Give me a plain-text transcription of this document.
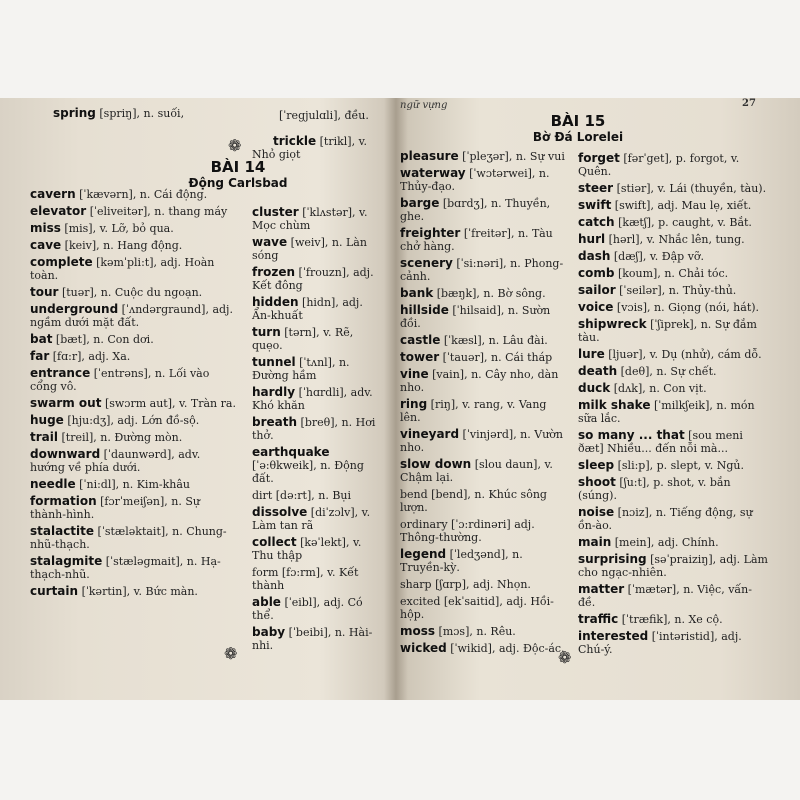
spring [spriŋ], n. suối,
	[ˈregjulɑli], đều.

trickle [trikl], v. Nhỏ giọt

❁
BÀI 14
Động Carlsbad
cavern [ˈkævərn], n. Cái động.
elevator [ˈeliveitər], n. thang máy
miss [mis], v. Lỡ, bỏ qua.
cave [keiv], n. Hang động.
complete [kəmˈpli:t], adj. Hoàn toàn.
tour [tuər], n. Cuộc du ngoạn.
underground [ˈʌndərgraund], adj. ngầm dưới mặt đất.
bat [bæt], n. Con dơi.
far [fɑ:r], adj. Xa.
entrance [ˈentrəns], n. Lối vào cổng vô.
swarm out [swɔrm aut], v. Tràn ra.
huge [hju:dʒ], adj. Lớn đồ-sộ.
trail [treil], n. Đường mòn.
downward [ˈdaunwərd], adv. hướng về phía dưới.
needle [ˈni:dl], n. Kim-khâu
formation [fɔrˈmeiʃən], n. Sự thành-hình.
stalactite [ˈstæləktait], n. Chung-nhũ-thạch.
stalagmite [ˈstæləgmait], n. Hạ-thạch-nhũ.
curtain [ˈkərtin], v. Bức màn.
cluster [ˈklʌstər], v. Mọc chùm
wave [weiv], n. Làn sóng
frozen [ˈfrouzn], adj. Kết đông
hidden [hidn], adj. Ẩn-khuất
turn [tərn], v. Rẽ, quẹo.
tunnel [ˈtʌnl], n. Đường hầm
hardly [ˈhɑrdli], adv. Khó khăn
breath [breθ], n. Hơi thở.
earthquake [ˈə:θkweik], n. Động đất.
dirt [də:rt], n. Bụi
dissolve [diˈzɔlv], v. Làm tan rã
collect [kəˈlekt], v. Thu thập
form [fɔ:rm], v. Kết thành
able [ˈeibl], adj. Có thể.
baby [ˈbeibi], n. Hài-nhi.
❁
ngữ vựng	27
BÀI 15
Bờ Đá Lorelei
pleasure [ˈpleʒər], n. Sự vui
waterway [ˈwɔtərwei], n. Thủy-đạo.
barge [bɑrdʒ], n. Thuyền, ghe.
freighter [ˈfreitər], n. Tàu chở hàng.
scenery [ˈsi:nəri], n. Phong-cảnh.
bank [bæŋk], n. Bờ sông.
hillside [ˈhilsaid], n. Sườn đồi.
castle [ˈkæsl], n. Lâu đài.
tower [ˈtauər], n. Cái tháp
vine [vain], n. Cây nho, dàn nho.
ring [riŋ], v. rang, v. Vang lên.
vineyard [ˈvinjərd], n. Vườn nho.
slow down [slou daun], v. Chậm lại.
bend [bend], n. Khúc sông lượn.
ordinary [ˈɔ:rdinəri] adj. Thông-thường.
legend [ˈledʒənd], n. Truyền-kỳ.
sharp [ʃɑrp], adj. Nhọn.
excited [ekˈsaitid], adj. Hồi-hộp.
moss [mɔs], n. Rêu.
wicked [ˈwikid], adj. Độc-ác.
forget [fərˈget], p. forgot, v. Quên.
steer [stiər], v. Lái (thuyền, tàu).
swift [swift], adj. Mau lẹ, xiết.
catch [kætʃ], p. caught, v. Bắt.
hurl [hərl], v. Nhắc lên, tung.
dash [dæʃ], v. Đập vỡ.
comb [koum], n. Chải tóc.
sailor [ˈseilər], n. Thủy-thủ.
voice [vɔis], n. Giọng (nói, hát).
shipwreck [ˈʃiprek], n. Sự đắm tàu.
lure [ljuər], v. Dụ (nhử), cám dỗ.
death [deθ], n. Sự chết.
duck [dʌk], n. Con vịt.
milk shake [ˈmilkʃeik], n. món sữa lắc.
so many ... that [sou meni ðæt] Nhiều... đến nỗi mà...
sleep [sli:p], p. slept, v. Ngủ.
shoot [ʃu:t], p. shot, v. bắn (súng).
noise [nɔiz], n. Tiếng động, sự ồn-ào.
main [mein], adj. Chính.
surprising [səˈpraiziŋ], adj. Làm cho ngạc-nhiên.
matter [ˈmætər], n. Việc, vấn-đề.
traffic [ˈtræfik], n. Xe cộ.
interested [ˈintəristid], adj. Chú-ý.
❁
